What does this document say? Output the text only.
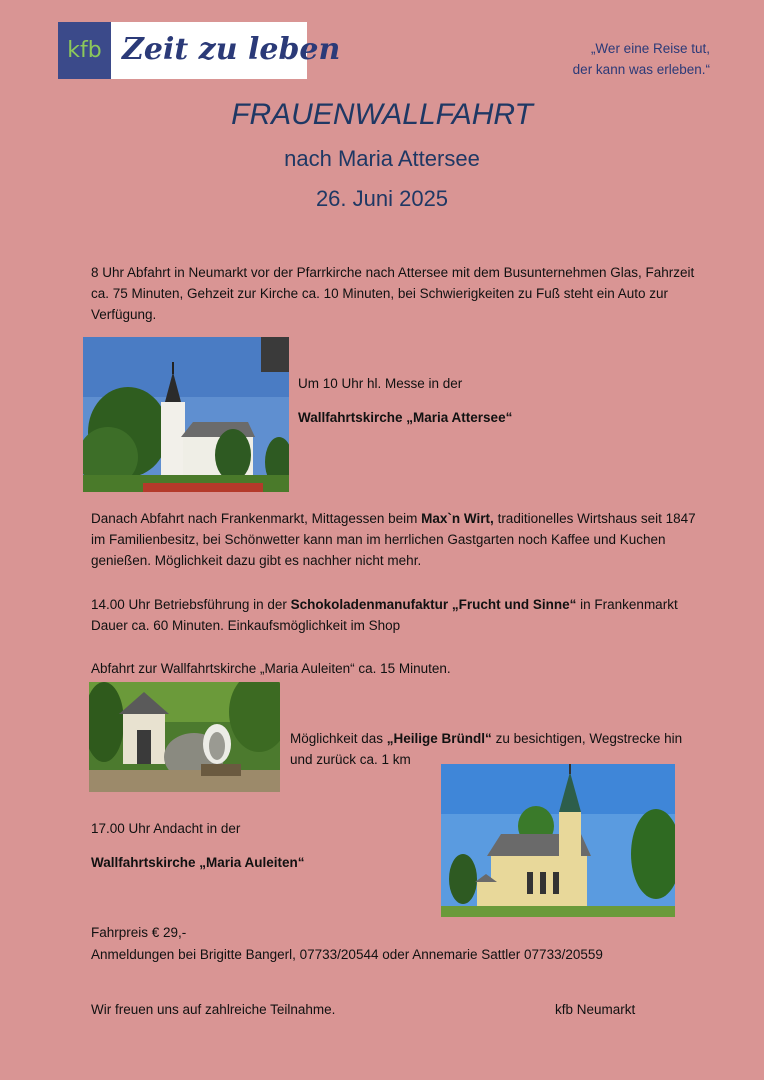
kfb Zeit zu leben	„Wer eine Reise tut,
der kann was erleben.“
FRAUENWALLFAHRT
nach Maria Attersee
26. Juni 2025

8 Uhr Abfahrt in Neumarkt vor der Pfarrkirche nach Attersee mit dem Busunternehmen Glas, Fahrzeit ca. 75 Minuten, Gehzeit zur Kirche ca. 10 Minuten, bei Schwierigkeiten zu Fuß steht ein Auto zur Verfügung.

Um 10 Uhr hl. Messe in der

Wallfahrtskirche „Maria Attersee“

Danach Abfahrt nach Frankenmarkt, Mittagessen beim Max`n Wirt, traditionelles Wirtshaus seit 1847 im Familienbesitz, bei Schönwetter kann man im herrlichen Gastgarten noch Kaffee und Kuchen genießen. Möglichkeit dazu gibt es nachher nicht mehr.

14.00 Uhr Betriebsführung in der Schokoladenmanufaktur „Frucht und Sinne“ in Frankenmarkt
Dauer ca. 60 Minuten. Einkaufsmöglichkeit im Shop

Abfahrt zur Wallfahrtskirche „Maria Auleiten“ ca. 15 Minuten.

Möglichkeit das „Heilige Bründl“ zu besichtigen, Wegstrecke hin und zurück ca. 1 km

17.00 Uhr Andacht in der

Wallfahrtskirche „Maria Auleiten“

Fahrpreis € 29,-

Anmeldungen bei Brigitte Bangerl, 07733/20544 oder Annemarie Sattler 07733/20559

Wir freuen uns auf zahlreiche Teilnahme.	kfb Neumarkt
